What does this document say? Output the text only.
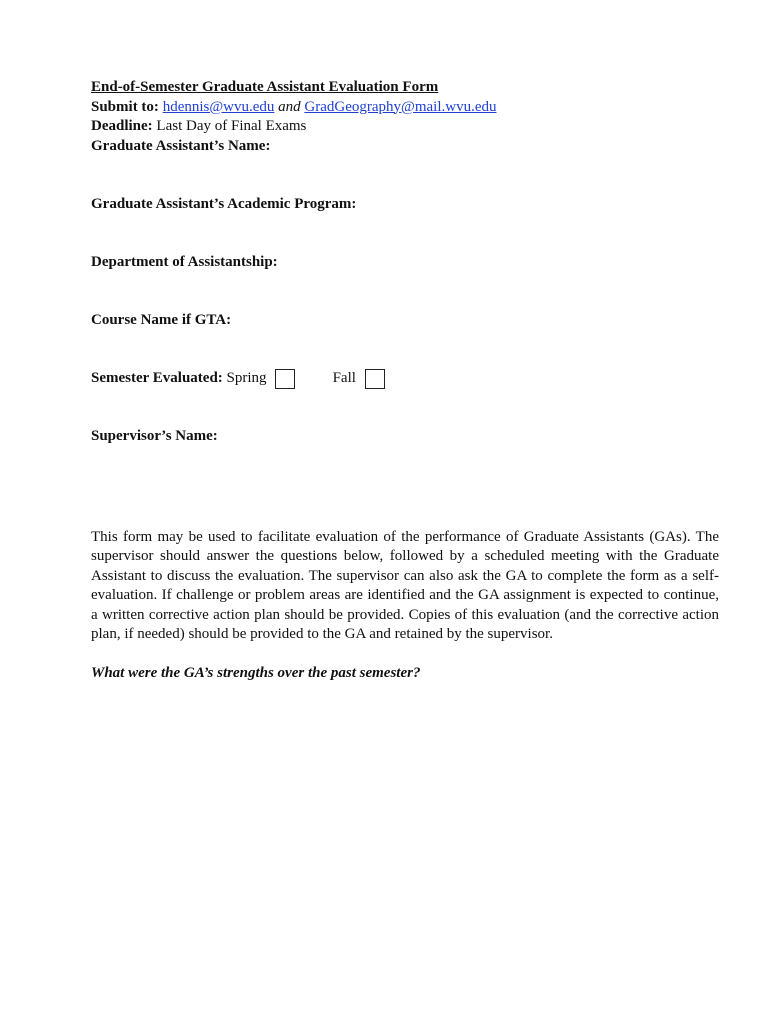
End-of-Semester Graduate Assistant Evaluation Form

Submit to: hdennis@wvu.edu and GradGeography@mail.wvu.edu

Deadline: Last Day of Final Exams

Graduate Assistant’s Name:

Graduate Assistant’s Academic Program:

Department of Assistantship:

Course Name if GTA:

Semester Evaluated:
Spring	Fall

Supervisor’s Name:

This form may be used to facilitate evaluation of the performance of Graduate Assistants (GAs). The supervisor should answer the questions below, followed by a scheduled meeting with the Graduate Assistant to discuss the evaluation. The supervisor can also ask the GA to complete the form as a self-evaluation. If challenge or problem areas are identified and the GA assignment is expected to continue, a written corrective action plan should be provided. Copies of this evaluation (and the corrective action plan, if needed) should be provided to the GA and retained by the supervisor.

What were the GA’s strengths over the past semester?
